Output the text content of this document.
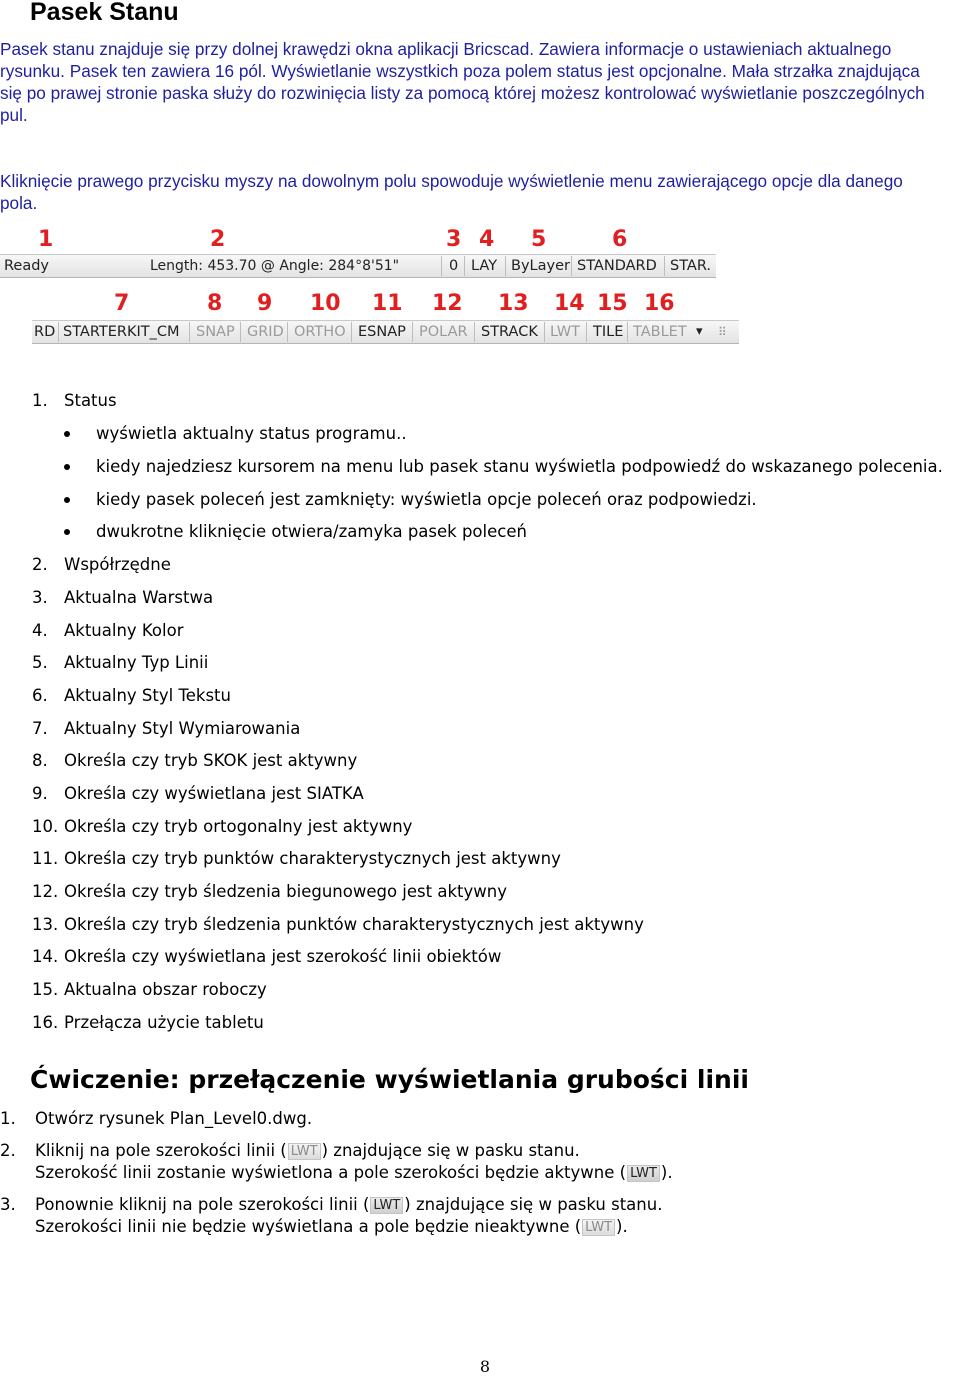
Pasek Stanu

Pasek stanu znajduje się przy dolnej krawędzi okna aplikacji Bricscad. Zawiera informacje o ustawieniach aktualnego
rysunku. Pasek ten zawiera 16 pól. Wyświetlanie wszystkich poza polem status jest opcjonalne. Mała strzałka znajdująca
się po prawej stronie paska służy do rozwinięcia listy za pomocą której możesz kontrolować wyświetlanie poszczególnych
pul.

Kliknięcie prawego przycisku myszy na dowolnym polu spowoduje wyświetlenie menu zawierającego opcje dla danego
pola.

1	2	3 4 5	6
Ready	Length: 453.70 @ Angle: 284°8'51"	0 LAY ByLayer STANDARD STAR.
7	8 9 10 11 12 13 14 15 16
RD STARTERKIT_CM SNAP GRID ORTHO ESNAP POLAR STRACK LWT TILE TABLET ▾ ⠿
1. Status
wyświetla aktualny status programu..
kiedy najedziesz kursorem na menu lub pasek stanu wyświetla podpowiedź do wskazanego polecenia.
kiedy pasek poleceń jest zamknięty: wyświetla opcje poleceń oraz podpowiedzi.
dwukrotne kliknięcie otwiera/zamyka pasek poleceń
2. Współrzędne
3. Aktualna Warstwa
4. Aktualny Kolor
5. Aktualny Typ Linii
6. Aktualny Styl Tekstu
7. Aktualny Styl Wymiarowania
8. Określa czy tryb SKOK jest aktywny
9. Określa czy wyświetlana jest SIATKA
10. Określa czy tryb ortogonalny jest aktywny
11. Określa czy tryb punktów charakterystycznych jest aktywny
12. Określa czy tryb śledzenia biegunowego jest aktywny
13. Określa czy tryb śledzenia punktów charakterystycznych jest aktywny
14. Określa czy wyświetlana jest szerokość linii obiektów
15. Aktualna obszar roboczy
16. Przełącza użycie tabletu
Ćwiczenie: przełączenie wyświetlania grubości linii
1. Otwórz rysunek Plan_Level0.dwg.
2. Kliknij na pole szerokości linii ( LWT ) znajdujące się w pasku stanu.
Szerokość linii zostanie wyświetlona a pole szerokości będzie aktywne ( LWT ).
3. Ponownie kliknij na pole szerokości linii ( LWT ) znajdujące się w pasku stanu.
Szerokości linii nie będzie wyświetlana a pole będzie nieaktywne ( LWT ).
8
